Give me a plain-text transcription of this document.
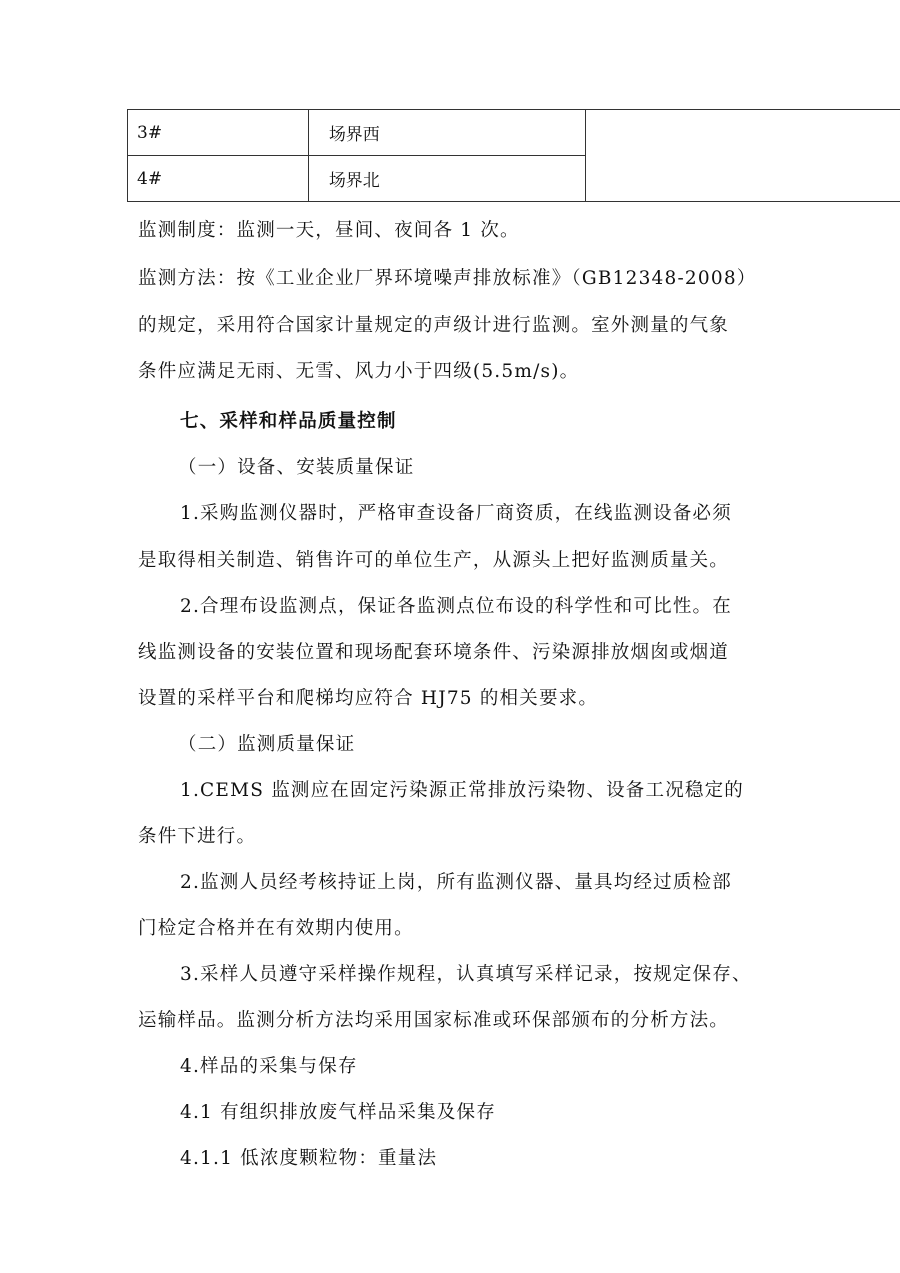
3#	场界西	
4#	场界北	
监测制度：监测一天，昼间、夜间各 1 次。
监测方法：按《工业企业厂界环境噪声排放标准》（GB12348-2008）
的规定，采用符合国家计量规定的声级计进行监测。室外测量的气象
条件应满足无雨、无雪、风力小于四级(5.5m/s)。
七、采样和样品质量控制
（一）设备、安装质量保证
1.采购监测仪器时，严格审查设备厂商资质，在线监测设备必须
是取得相关制造、销售许可的单位生产，从源头上把好监测质量关。
2.合理布设监测点，保证各监测点位布设的科学性和可比性。在
线监测设备的安装位置和现场配套环境条件、污染源排放烟囱或烟道
设置的采样平台和爬梯均应符合 HJ75 的相关要求。
（二）监测质量保证
1.CEMS 监测应在固定污染源正常排放污染物、设备工况稳定的
条件下进行。
2.监测人员经考核持证上岗，所有监测仪器、量具均经过质检部
门检定合格并在有效期内使用。
3.采样人员遵守采样操作规程，认真填写采样记录，按规定保存、
运输样品。监测分析方法均采用国家标准或环保部颁布的分析方法。
4.样品的采集与保存
4.1 有组织排放废气样品采集及保存
4.1.1 低浓度颗粒物：重量法
